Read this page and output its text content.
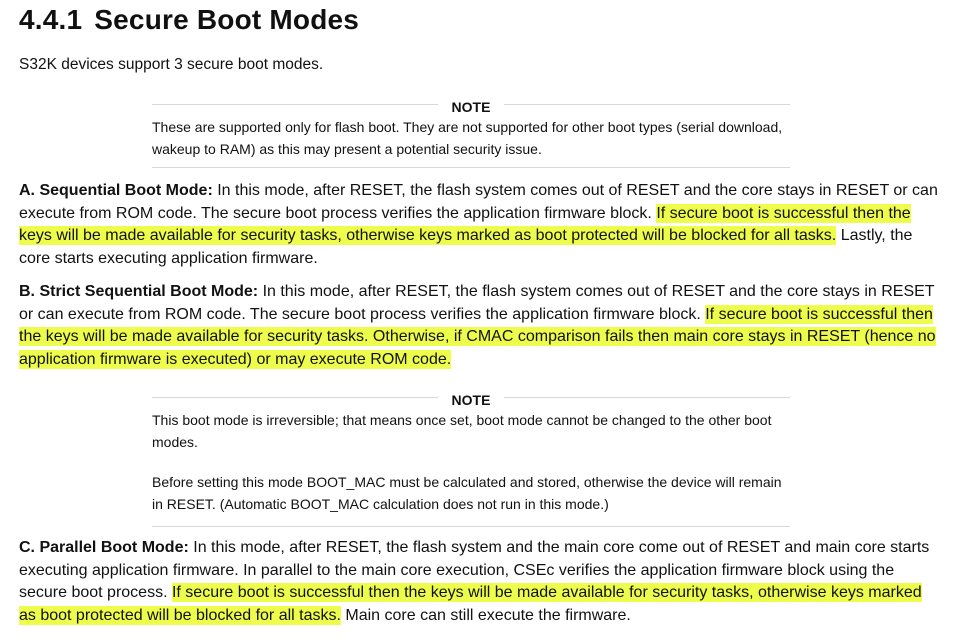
4.4.1 Secure Boot Modes

S32K devices support 3 secure boot modes.

NOTE

These are supported only for flash boot. They are not supported for other boot types (serial download, wakeup to RAM) as this may present a potential security issue.

A. Sequential Boot Mode: In this mode, after RESET, the flash system comes out of RESET and the core stays in RESET or can execute from ROM code. The secure boot process verifies the application firmware block. If secure boot is successful then the keys will be made available for security tasks, otherwise keys marked as boot protected will be blocked for all tasks. Lastly, the core starts executing application firmware.

B. Strict Sequential Boot Mode: In this mode, after RESET, the flash system comes out of RESET and the core stays in RESET or can execute from ROM code. The secure boot process verifies the application firmware block. If secure boot is successful then the keys will be made available for security tasks. Otherwise, if CMAC comparison fails then main core stays in RESET (hence no application firmware is executed) or may execute ROM code.

NOTE

This boot mode is irreversible; that means once set, boot mode cannot be changed to the other boot modes.

Before setting this mode BOOT_MAC must be calculated and stored, otherwise the device will remain in RESET. (Automatic BOOT_MAC calculation does not run in this mode.)

C. Parallel Boot Mode: In this mode, after RESET, the flash system and the main core come out of RESET and main core starts executing application firmware. In parallel to the main core execution, CSEc verifies the application firmware block using the secure boot process. If secure boot is successful then the keys will be made available for security tasks, otherwise keys marked as boot protected will be blocked for all tasks. Main core can still execute the firmware.
